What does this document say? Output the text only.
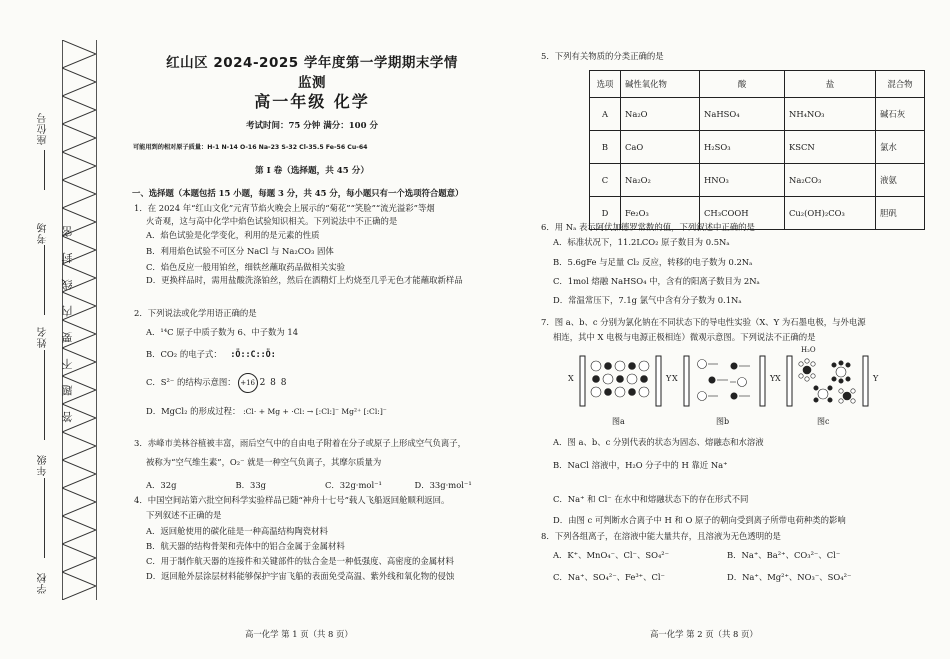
座位号
考场
姓名
年级
学校
答 题 不 要 内 线 封 密
红山区 2024-2025 学年度第一学期期末学情监测
高一年级 化学
考试时间：75 分钟 满分：100 分
可能用到的相对原子质量：H-1 N-14 O-16 Na-23 S-32 Cl-35.5 Fe-56 Cu-64
第 I 卷（选择题，共 45 分）
一、选择题（本题包括 15 小题，每题 3 分，共 45 分，每小题只有一个选项符合题意）
1．在 2024 年“红山文化”元宵节焰火晚会上展示的“菊花”“笑脸”“流光溢彩”等烟
火奇观，这与高中化学中焰色试验知识相关。下列说法中不正确的是
A．焰色试验是化学变化，利用的是元素的性质
B．利用焰色试验不可区分 NaCl 与 Na₂CO₃ 固体
C．焰色反应一般用铂丝，细铁丝蘸取药品做相关实验
D．更换样品时，需用盐酸洗涤铂丝，然后在酒精灯上灼烧至几乎无色才能蘸取新样品
2．下列说法或化学用语正确的是
A．¹⁴C 原子中质子数为 6、中子数为 14
B．CO₂ 的电子式： :Ö::C::Ö:
C．S²⁻ 的结构示意图： +16 2 8 8
D．MgCl₂ 的形成过程： :Cl· + Mg + ·Cl: → [:Cl:]⁻ Mg²⁺ [:Cl:]⁻
3．赤峰市美林谷植被丰富，雨后空气中的自由电子附着在分子或原子上形成空气负离子，
被称为“空气维生素”，O₂⁻ 就是一种空气负离子，其摩尔质量为
A．32g	B．33g	C．32g·mol⁻¹	D．33g·mol⁻¹
4．中国空间站第六批空间科学实验样品已随“神舟十七号”载人飞船返回舱顺利返回。
下列叙述不正确的是
A．返回舱使用的碳化硅是一种高温结构陶瓷材料
B．航天器的结构骨架和壳体中的铝合金属于金属材料
C．用于制作航天器的连接件和关键部件的钛合金是一种低强度、高密度的金属材料
D．返回舱外层涂层材料能够保护宇宙飞船的表面免受高温、紫外线和氧化物的侵蚀
高一化学 第 1 页（共 8 页）
5．下列有关物质的分类正确的是
选项	碱性氧化物	酸	盐	混合物
A	Na₂O	NaHSO₄	NH₄NO₃	碱石灰
B	CaO	H₂SO₃	KSCN	氯水
C	Na₂O₂	HNO₃	Na₂CO₃	液氨
D	Fe₂O₃	CH₃COOH	Cu₂(OH)₂CO₃	胆矾
6．用 Nₐ 表示阿伏加德罗常数的值，下列叙述中正确的是
A．标准状况下，11.2LCO₂ 原子数目为 0.5Nₐ
B．5.6gFe 与足量 Cl₂ 反应，转移的电子数为 0.2Nₐ
C．1mol 熔融 NaHSO₄ 中，含有的阳离子数目为 2Nₐ
D．常温常压下，7.1g 氯气中含有分子数为 0.1Nₐ
7．图 a、b、c 分别为氯化钠在不同状态下的导电性实验（X、Y 为石墨电极，与外电源
相连，其中 X 电极与电源正极相连）微观示意图。下列说法不正确的是
X	Y
图a
X	Y
图b
X	Y
H₂O
图c
A．图 a、b、c 分别代表的状态为固态、熔融态和水溶液
B．NaCl 溶液中，H₂O 分子中的 H 靠近 Na⁺
C．Na⁺ 和 Cl⁻ 在水中和熔融状态下的存在形式不同
D．由图 c 可判断水合离子中 H 和 O 原子的朝向受到离子所带电荷种类的影响
8．下列各组离子，在溶液中能大量共存，且溶液为无色透明的是
A．K⁺、MnO₄⁻、Cl⁻、SO₄²⁻	B．Na⁺、Ba²⁺、CO₃²⁻、Cl⁻
C．Na⁺、SO₄²⁻、Fe³⁺、Cl⁻	D．Na⁺、Mg²⁺、NO₃⁻、SO₄²⁻
高一化学 第 2 页（共 8 页）
